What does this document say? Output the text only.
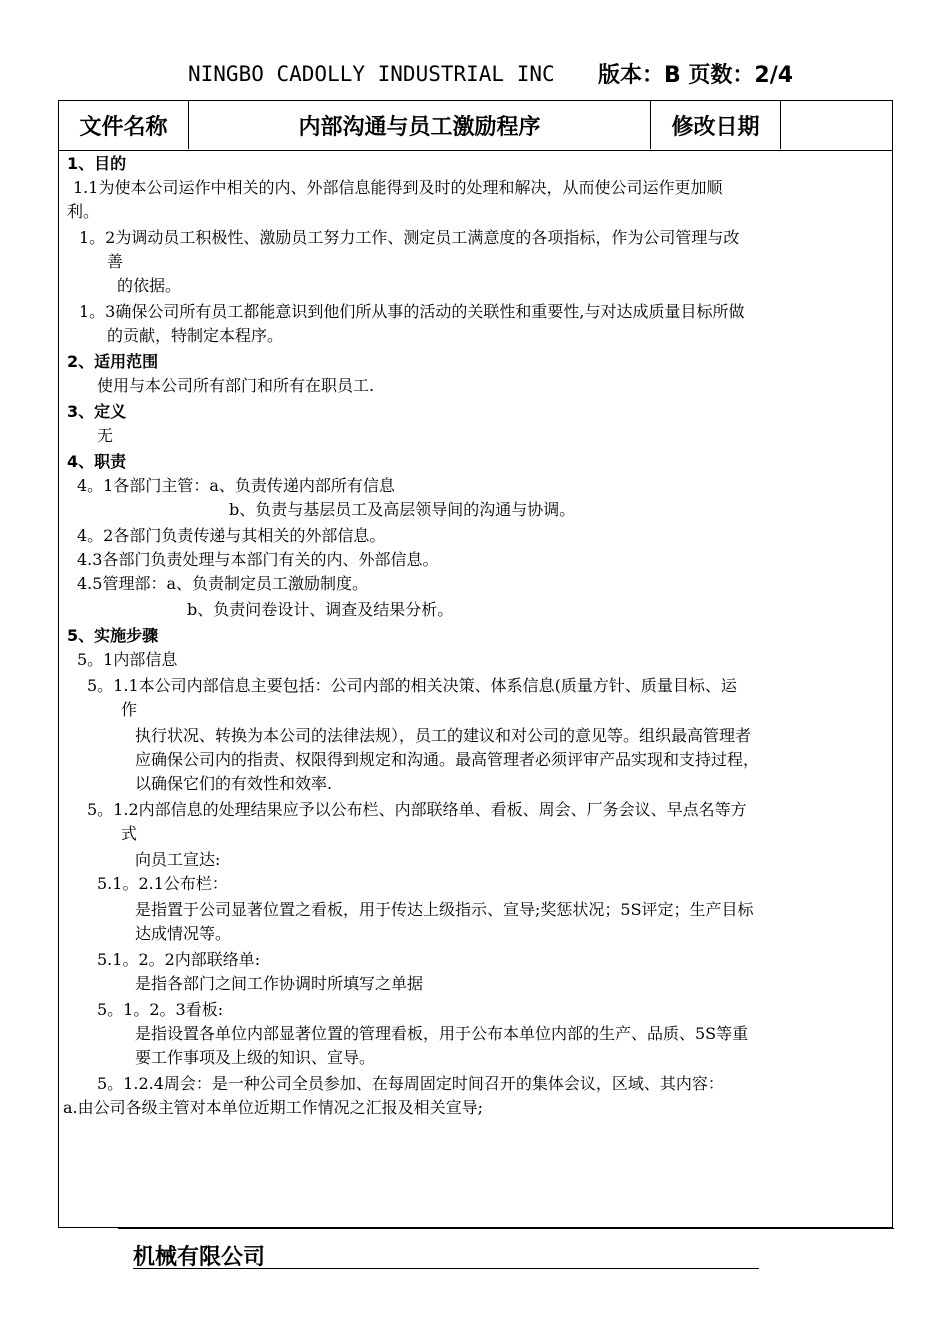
NINGBO CADOLLY INDUSTRIAL INC 版本：B 页数：2/4
文件名称	内部沟通与员工激励程序	修改日期
1、目的
1.1为使本公司运作中相关的内、外部信息能得到及时的处理和解决，从而使公司运作更加顺
利。
1。2为调动员工积极性、激励员工努力工作、测定员工满意度的各项指标，作为公司管理与改
善
的依据。
1。3确保公司所有员工都能意识到他们所从事的活动的关联性和重要性,与对达成质量目标所做
的贡献，特制定本程序。
2、适用范围
使用与本公司所有部门和所有在职员工.
3、定义
无
4、职责
4。1各部门主管：a、负责传递内部所有信息
b、负责与基层员工及高层领导间的沟通与协调。
4。2各部门负责传递与其相关的外部信息。
4.3各部门负责处理与本部门有关的内、外部信息。
4.5管理部：a、负责制定员工激励制度。
b、负责问卷设计、调查及结果分析。
5、实施步骤
5。1内部信息
5。1.1本公司内部信息主要包括：公司内部的相关决策、体系信息(质量方针、质量目标、运
作
执行状况、转换为本公司的法律法规），员工的建议和对公司的意见等。组织最高管理者
应确保公司内的指责、权限得到规定和沟通。最高管理者必须评审产品实现和支持过程，
以确保它们的有效性和效率.
5。1.2内部信息的处理结果应予以公布栏、内部联络单、看板、周会、厂务会议、早点名等方
式
向员工宣达:
5.1。2.1公布栏：
是指置于公司显著位置之看板，用于传达上级指示、宣导;奖惩状况；5S评定；生产目标
达成情况等。
5.1。2。2内部联络单:
是指各部门之间工作协调时所填写之单据
5。1。2。3看板:
是指设置各单位内部显著位置的管理看板，用于公布本单位内部的生产、品质、5S等重
要工作事项及上级的知识、宣导。
5。1.2.4周会：是一种公司全员参加、在每周固定时间召开的集体会议，区域、其内容：
a.由公司各级主管对本单位近期工作情况之汇报及相关宣导;
机械有限公司
